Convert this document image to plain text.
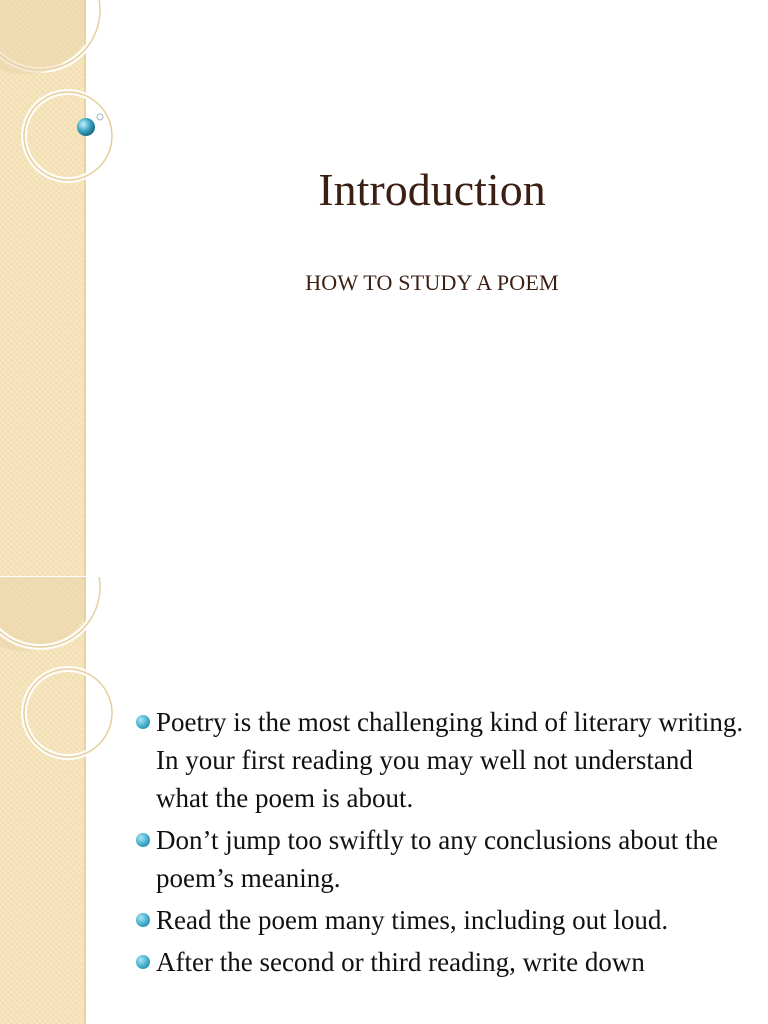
Introduction
HOW TO STUDY A POEM
Poetry is the most challenging kind of literary writing. In your first reading you may well not understand what the poem is about.
Don’t jump too swiftly to any conclusions about the poem’s meaning.
Read the poem many times, including out loud.
After the second or third reading, write down
